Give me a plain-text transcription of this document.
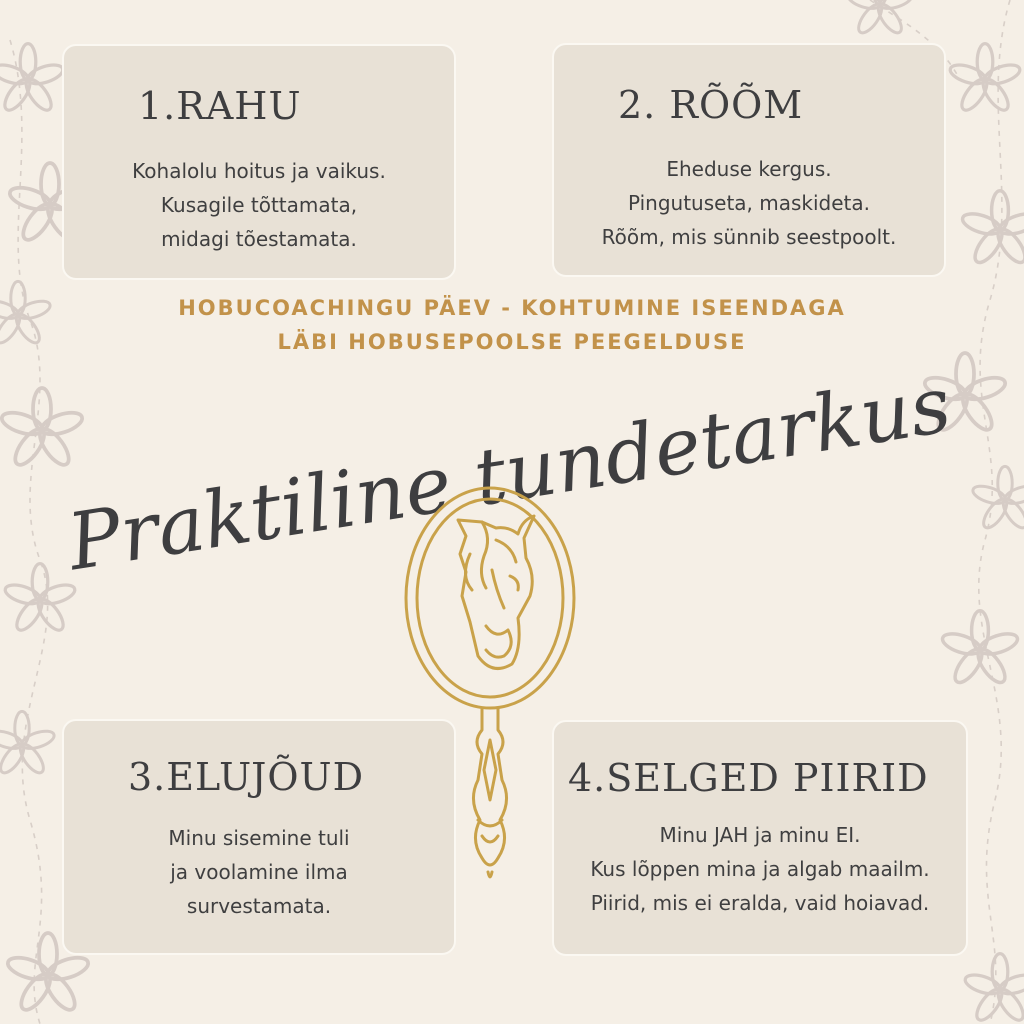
1.RAHU

Kohalolu hoitus ja vaikus.
Kusagile tõttamata,
midagi tõestamata.

2. RÕÕM

Eheduse kergus.
Pingutuseta, maskideta.
Rõõm, mis sünnib seestpoolt.

3.ELUJÕUD

Minu sisemine tuli
ja voolamine ilma
survestamata.

4.SELGED PIIRID

Minu JAH ja minu EI.
Kus lõppen mina ja algab maailm.
Piirid, mis ei eralda, vaid hoiavad.

HOBUCOACHINGU PÄEV - KOHTUMINE ISEENDAGA
LÄBI HOBUSEPOOLSE PEEGELDUSE
Praktiline tundetarkus
